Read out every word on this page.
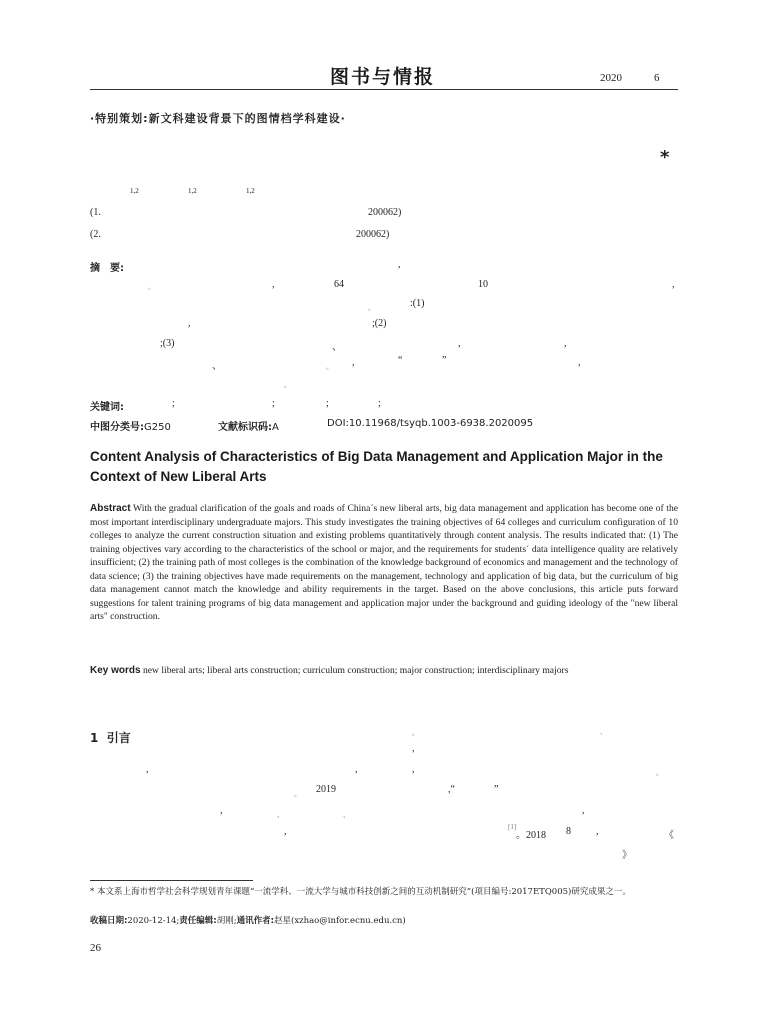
图书与情报	2020	6
·特别策划:新文科建设背景下的图情档学科建设·
*
1,2	1,2	1,2
(1.	200062)
(2.	200062)
摘　要:	,
。	,	64	10	,
。	:(1)
,	;(2)
;(3)	、	,	,
、	。 ,	“	”	,
。
关键词:	;	;	;	;
中图分类号:G250	文献标识码:A	DOI:10.11968/tsyqb.1003-6938.2020095
Content Analysis of Characteristics of Big Data Management and Application Major in the Context of New Liberal Arts
Abstract With the gradual clarification of the goals and roads of China´s new liberal arts, big data management and application has become one of the most important interdisciplinary undergraduate majors. This study investigates the training objectives of 64 colleges and curriculum configuration of 10 colleges to analyze the current construction situation and existing problems quantitatively through content analysis. The results indicated that: (1) The training objectives vary according to the characteristics of the school or major, and the requirements for students´ data intelligence quality are relatively insufficient; (2) the training path of most colleges is the combination of the knowledge background of economics and management and the technology of data science; (3) the training objectives have made requirements on the management, technology and application of big data, but the curriculum of big data management cannot match the knowledge and ability requirements in the target. Based on the above conclusions, this article puts forward suggestions for talent training programs of big data management and application major under the background and guiding ideology of the "new liberal arts" construction.
Key words new liberal arts; liberal arts construction; curriculum construction; major construction; interdisciplinary majors
1 引言	。	、
,
,	,	,	。
。 2019	,“	”
,
、	、
,
,	[1]
。2018 8	,	《
》
* 本文系上海市哲学社会科学规划青年课题“一流学科、一流大学与城市科技创新之间的互动机制研究”(项目编号:2017ETQ005)研究成果之一。
收稿日期:2020-12-14;责任编辑:胡刚;通讯作者:赵星(xzhao@infor.ecnu.edu.cn)
26
